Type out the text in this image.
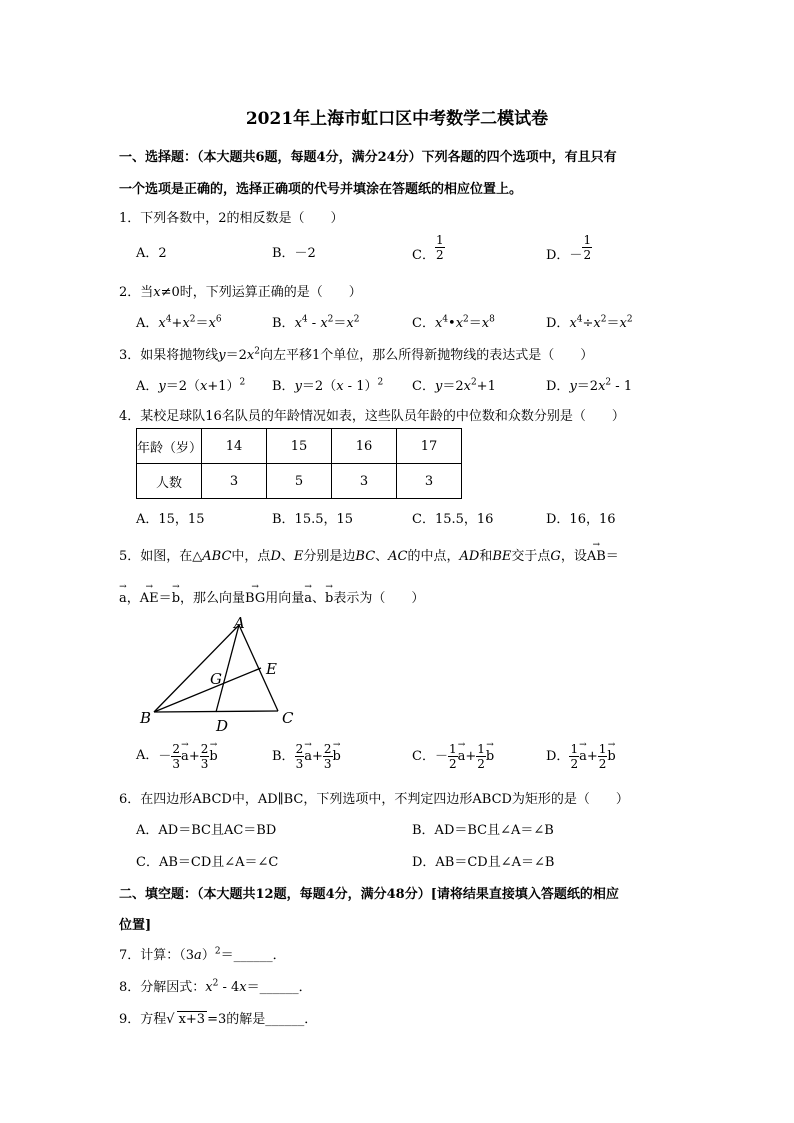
2021年上海市虹口区中考数学二模试卷
一、选择题：（本大题共6题，每题4分，满分24分）下列各题的四个选项中，有且只有
一个选项是正确的，选择正确项的代号并填涂在答题纸的相应位置上。
1．下列各数中，2的相反数是（　　）
A．2	B．－2	C． $\frac{1}{2}$	D．－ $\frac{1}{2}$
2．当x≠0时，下列运算正确的是（　　）
A．$x^4+x^2=x^6$	B．$x^4 - x^2=x^2$	C．$x^4•x^2=x^8$	D．$x^4\div x^2=x^2$
3．如果将抛物线$y=2x^2$向左平移1个单位，那么所得新抛物线的表达式是（　　）
A．$y=2(x+1)^2$ B．y＝2（x - 1）$^2$ C．$y=2x^2+1$	D．$y=2x^2 - 1$
4．某校足球队16名队员的年龄情况如表，这些队员年龄的中位数和众数分别是（　　）
年龄（岁）	14	15	16	17
人数	3	5	3	3
A．15，15	B．15.5，15	C．15.5，16	D．16，16
5．如图，在△ABC中，点D、E分别是边BC、AC的中点，AD和BE交于点G，设→ AB＝
→ a，→ AE＝→ b，那么向量→ BG用向量→ a、→ b表示为（　　）
A
B	C
D
E
G
A．－ $\frac{2}{3} \to a+ \frac{2}{3} \to b$	B． $\frac{2}{3} \to a+ \frac{2}{3} \to b$	C．－ $\frac{1}{2} \to a+ \frac{1}{2} \to b$	D． $\frac{1}{2} \to a+ \frac{1}{2} \to b$
6．在四边形ABCD中，AD∥BC，下列选项中，不判定四边形ABCD为矩形的是（　　）
A．AD＝BC且AC＝BD	B．AD＝BC且∠A＝∠B
C．AB＝CD且∠A＝∠C	D．AB＝CD且∠A＝∠B
二、填空题：（本大题共12题，每题4分，满分48分）[请将结果直接填入答题纸的相应
位置]
7．计算：$(3a)^2=\_\_\_\_\_\_$．
8．分解因式：$x^2$ - 4x＝______．
9．方程√ x+3 =3的解是______．
